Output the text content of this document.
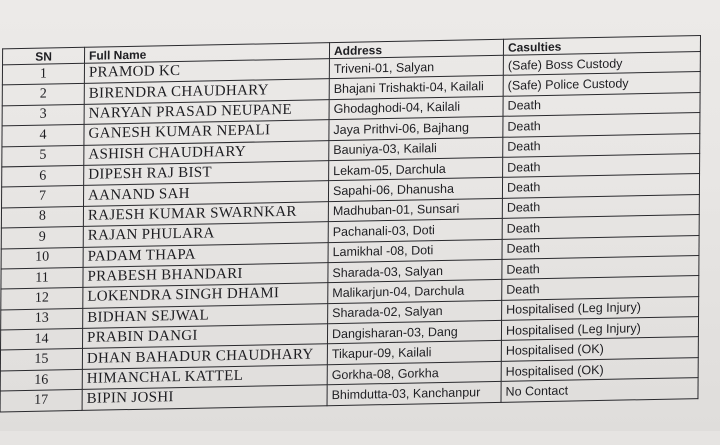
SN	Full Name	Address	Casulties
1	PRAMOD KC	Triveni-01, Salyan	(Safe) Boss Custody
2	BIRENDRA CHAUDHARY	Bhajani Trishakti-04, Kailali	(Safe) Police Custody
3	NARYAN PRASAD NEUPANE	Ghodaghodi-04, Kailali	Death
4	GANESH KUMAR NEPALI	Jaya Prithvi-06, Bajhang	Death
5	ASHISH CHAUDHARY	Bauniya-03, Kailali	Death
6	DIPESH RAJ BIST	Lekam-05, Darchula	Death
7	AANAND SAH	Sapahi-06, Dhanusha	Death
8	RAJESH KUMAR SWARNKAR	Madhuban-01, Sunsari	Death
9	RAJAN PHULARA	Pachanali-03, Doti	Death
10	PADAM THAPA	Lamikhal -08, Doti	Death
11	PRABESH BHANDARI	Sharada-03, Salyan	Death
12	LOKENDRA SINGH DHAMI	Malikarjun-04, Darchula	Death
13	BIDHAN SEJWAL	Sharada-02, Salyan	Hospitalised (Leg Injury)
14	PRABIN DANGI	Dangisharan-03, Dang	Hospitalised (Leg Injury)
15	DHAN BAHADUR CHAUDHARY	Tikapur-09, Kailali	Hospitalised (OK)
16	HIMANCHAL KATTEL	Gorkha-08, Gorkha	Hospitalised (OK)
17	BIPIN JOSHI	Bhimdutta-03, Kanchanpur	No Contact
